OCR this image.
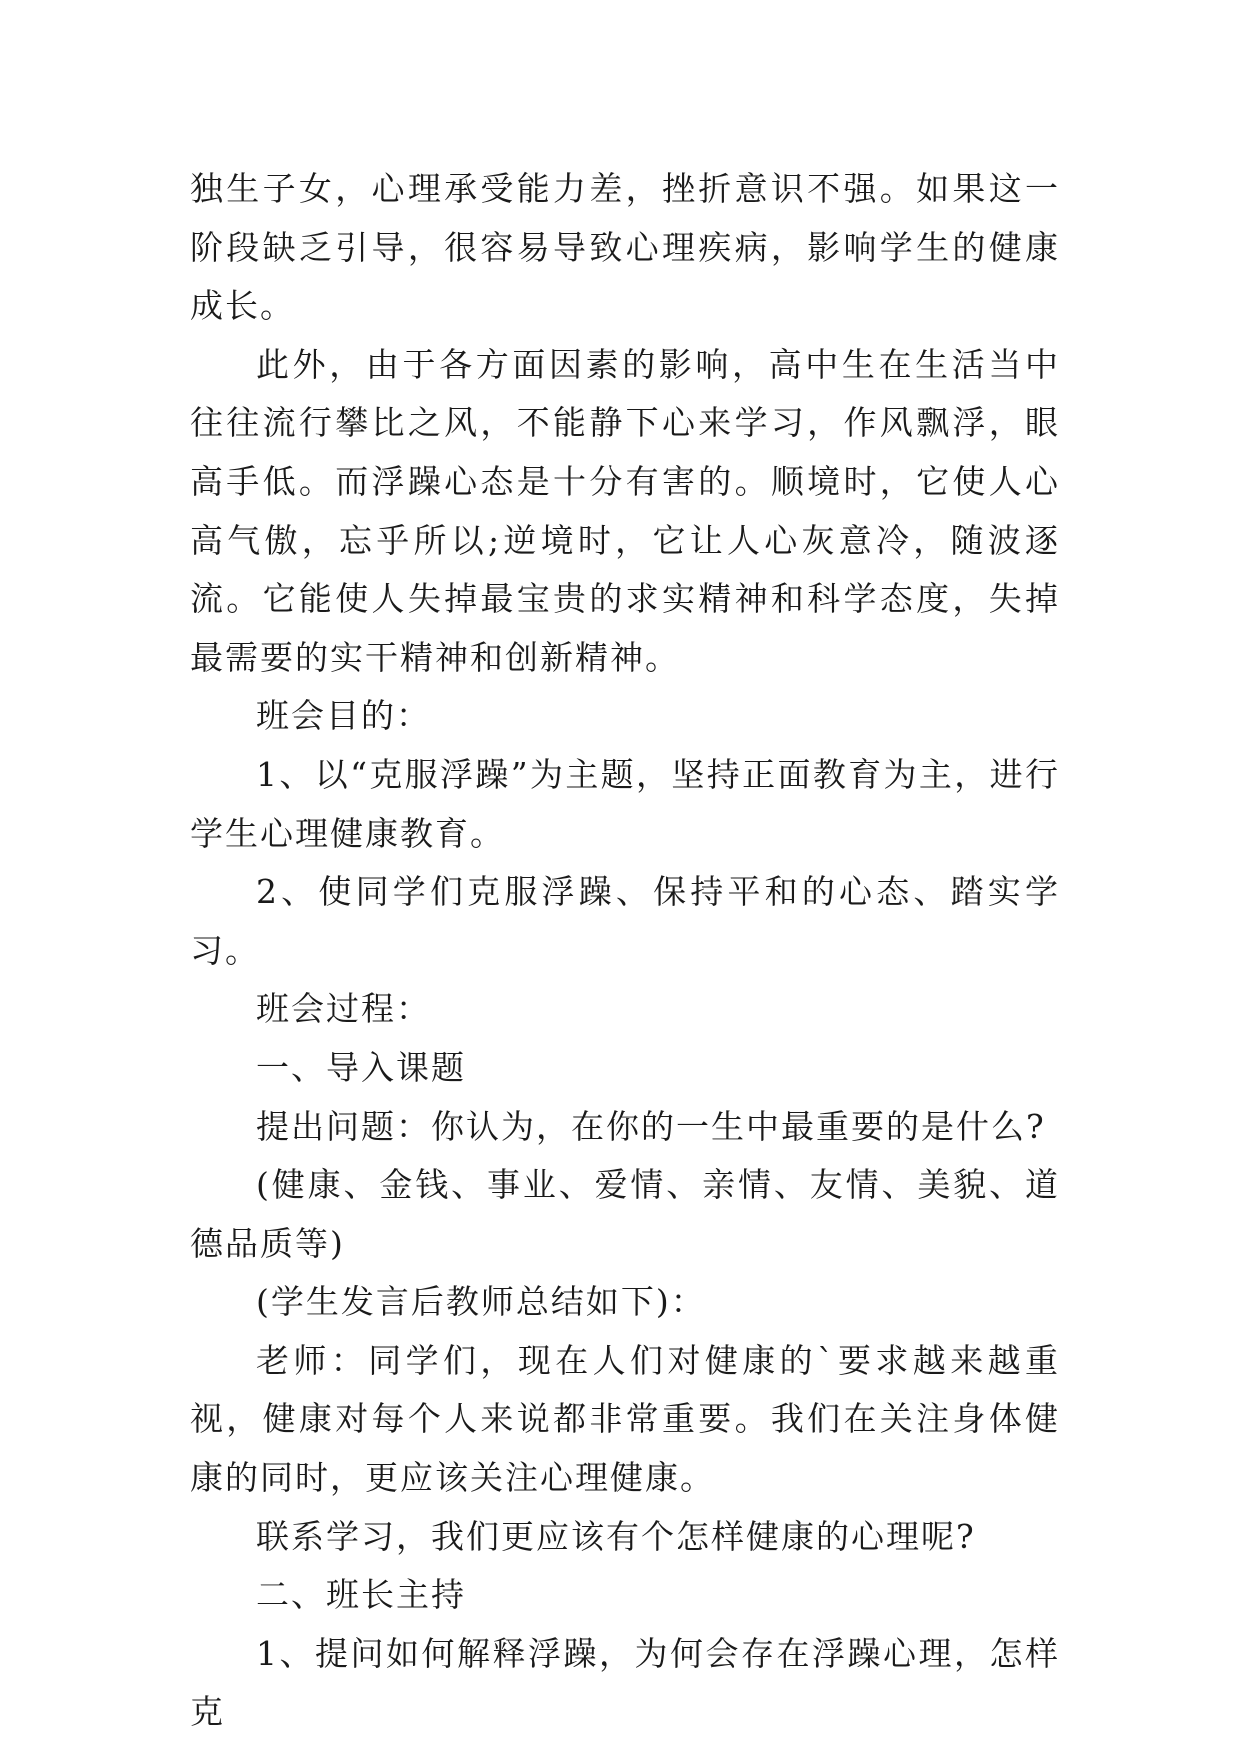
独生子女，心理承受能力差，挫折意识不强。如果这一阶段缺乏引导，很容易导致心理疾病，影响学生的健康成长。

此外，由于各方面因素的影响，高中生在生活当中往往流行攀比之风，不能静下心来学习，作风飘浮，眼高手低。而浮躁心态是十分有害的。顺境时，它使人心高气傲，忘乎所以;逆境时，它让人心灰意冷，随波逐流。它能使人失掉最宝贵的求实精神和科学态度，失掉最需要的实干精神和创新精神。

班会目的：

1、以“克服浮躁”为主题，坚持正面教育为主，进行学生心理健康教育。

2、使同学们克服浮躁、保持平和的心态、踏实学习。

班会过程：

一、导入课题

提出问题：你认为，在你的一生中最重要的是什么?

(健康、金钱、事业、爱情、亲情、友情、美貌、道德品质等)

(学生发言后教师总结如下)：

老师：同学们，现在人们对健康的`要求越来越重视，健康对每个人来说都非常重要。我们在关注身体健康的同时，更应该关注心理健康。

联系学习，我们更应该有个怎样健康的心理呢?

二、班长主持

1、提问如何解释浮躁，为何会存在浮躁心理，怎样克
